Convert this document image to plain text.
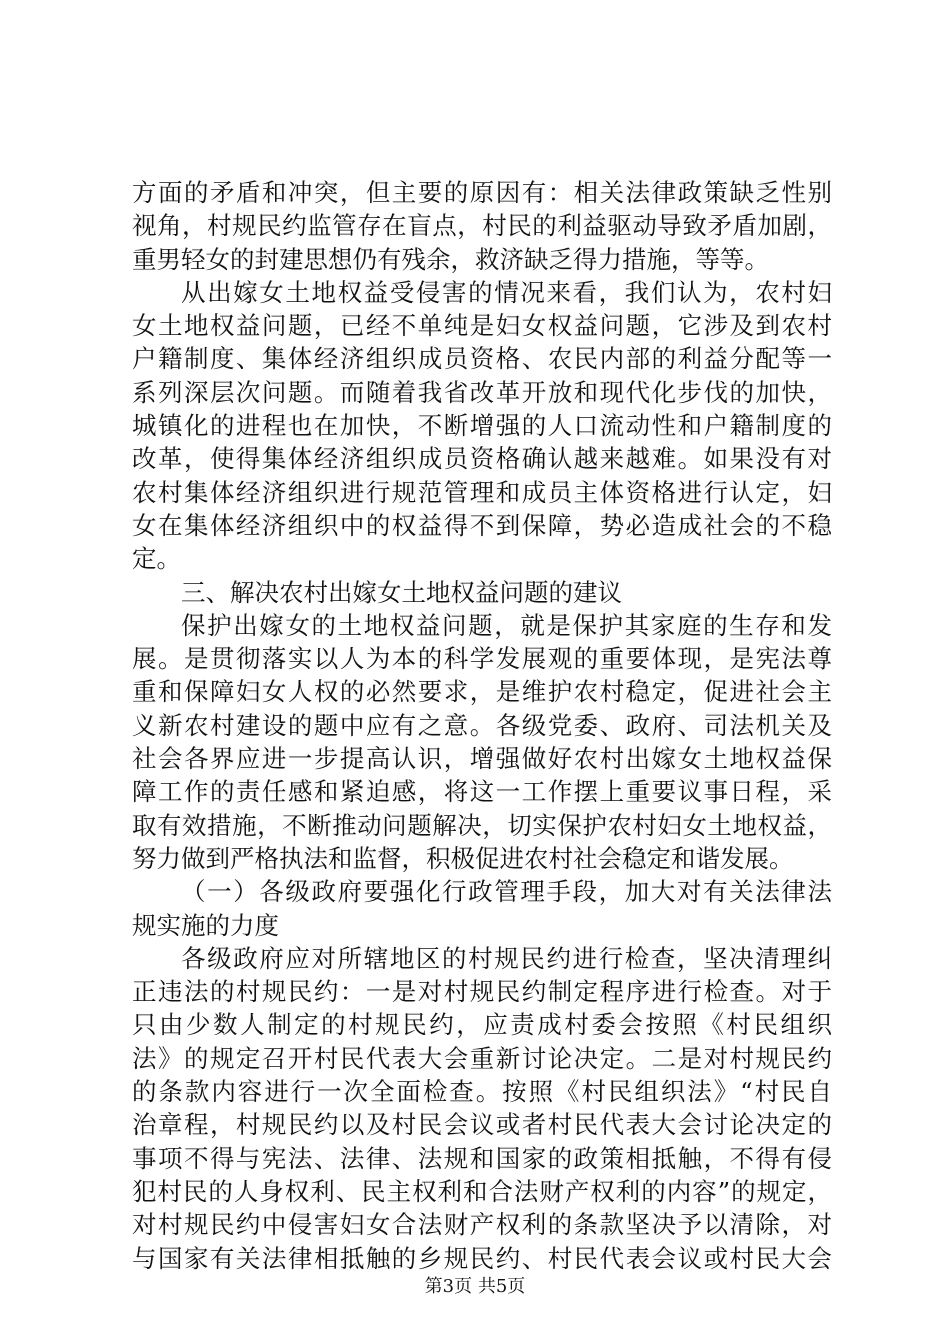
方面的矛盾和冲突，但主要的原因有：相关法律政策缺乏性别
视角，村规民约监管存在盲点，村民的利益驱动导致矛盾加剧，
重男轻女的封建思想仍有残余，救济缺乏得力措施，等等。
从出嫁女土地权益受侵害的情况来看，我们认为，农村妇
女土地权益问题，已经不单纯是妇女权益问题，它涉及到农村
户籍制度、集体经济组织成员资格、农民内部的利益分配等一
系列深层次问题。而随着我省改革开放和现代化步伐的加快，
城镇化的进程也在加快，不断增强的人口流动性和户籍制度的
改革，使得集体经济组织成员资格确认越来越难。如果没有对
农村集体经济组织进行规范管理和成员主体资格进行认定，妇
女在集体经济组织中的权益得不到保障，势必造成社会的不稳
定。
三、解决农村出嫁女土地权益问题的建议
保护出嫁女的土地权益问题，就是保护其家庭的生存和发
展。是贯彻落实以人为本的科学发展观的重要体现，是宪法尊
重和保障妇女人权的必然要求，是维护农村稳定，促进社会主
义新农村建设的题中应有之意。各级党委、政府、司法机关及
社会各界应进一步提高认识，增强做好农村出嫁女土地权益保
障工作的责任感和紧迫感，将这一工作摆上重要议事日程，采
取有效措施，不断推动问题解决，切实保护农村妇女土地权益，
努力做到严格执法和监督，积极促进农村社会稳定和谐发展。
（一）各级政府要强化行政管理手段，加大对有关法律法
规实施的力度
各级政府应对所辖地区的村规民约进行检查，坚决清理纠
正违法的村规民约：一是对村规民约制定程序进行检查。对于
只由少数人制定的村规民约，应责成村委会按照《村民组织
法》的规定召开村民代表大会重新讨论决定。二是对村规民约
的条款内容进行一次全面检查。按照《村民组织法》“村民自
治章程，村规民约以及村民会议或者村民代表大会讨论决定的
事项不得与宪法、法律、法规和国家的政策相抵触，不得有侵
犯村民的人身权利、民主权利和合法财产权利的内容”的规定，
对村规民约中侵害妇女合法财产权利的条款坚决予以清除，对
与国家有关法律相抵触的乡规民约、村民代表会议或村民大会
第3页 共5页
